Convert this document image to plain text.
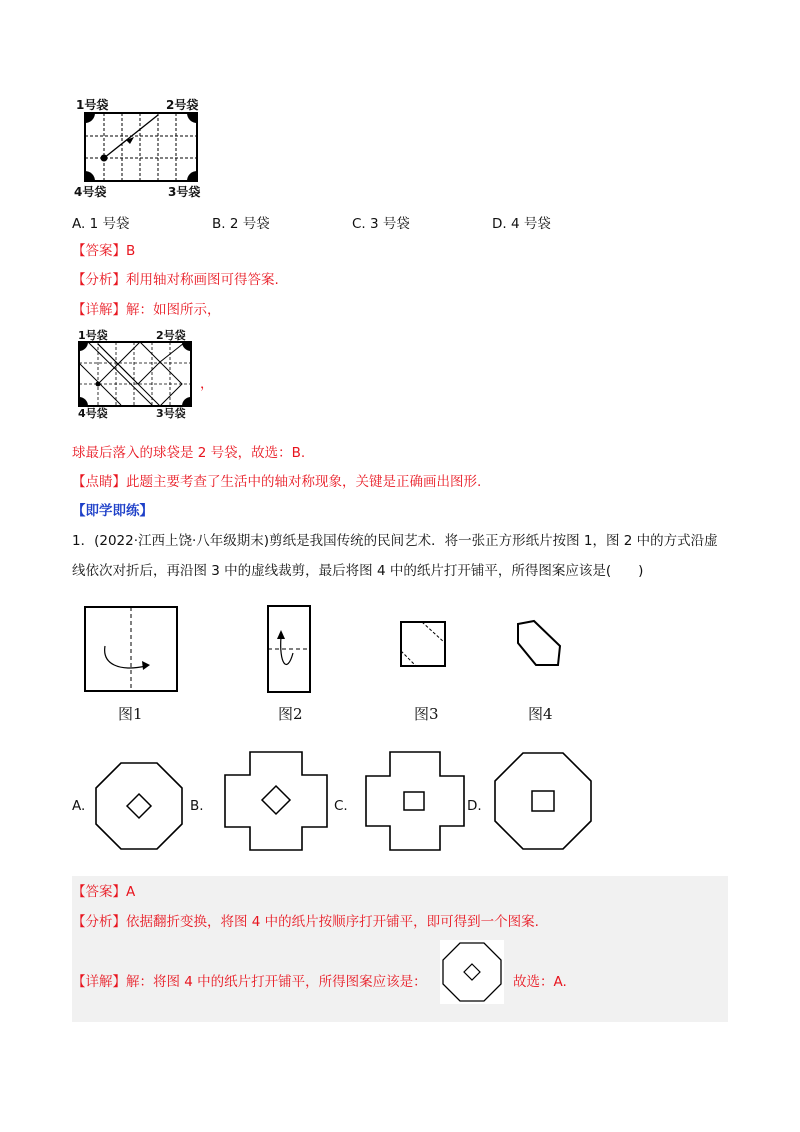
1号袋	2号袋
4号袋	3号袋
A. 1 号袋	B. 2 号袋	C. 3 号袋	D. 4 号袋
【答案】B
【分析】利用轴对称画图可得答案.
【详解】解：如图所示，
1号袋	2号袋
4号袋	3号袋
，
球最后落入的球袋是 2 号袋，故选：B.
【点睛】此题主要考查了生活中的轴对称现象，关键是正确画出图形.
【即学即练】
1．(2022·江西上饶·八年级期末)剪纸是我国传统的民间艺术．将一张正方形纸片按图 1，图 2 中的方式沿虚
线依次对折后，再沿图 3 中的虚线裁剪，最后将图 4 中的纸片打开铺平，所得图案应该是(　　)
图1	图2	图3	图4
A.	B.	C.	D.
【答案】A
【分析】依据翻折变换，将图 4 中的纸片按顺序打开铺平，即可得到一个图案.
【详解】解：将图 4 中的纸片打开铺平，所得图案应该是：	故选：A.
